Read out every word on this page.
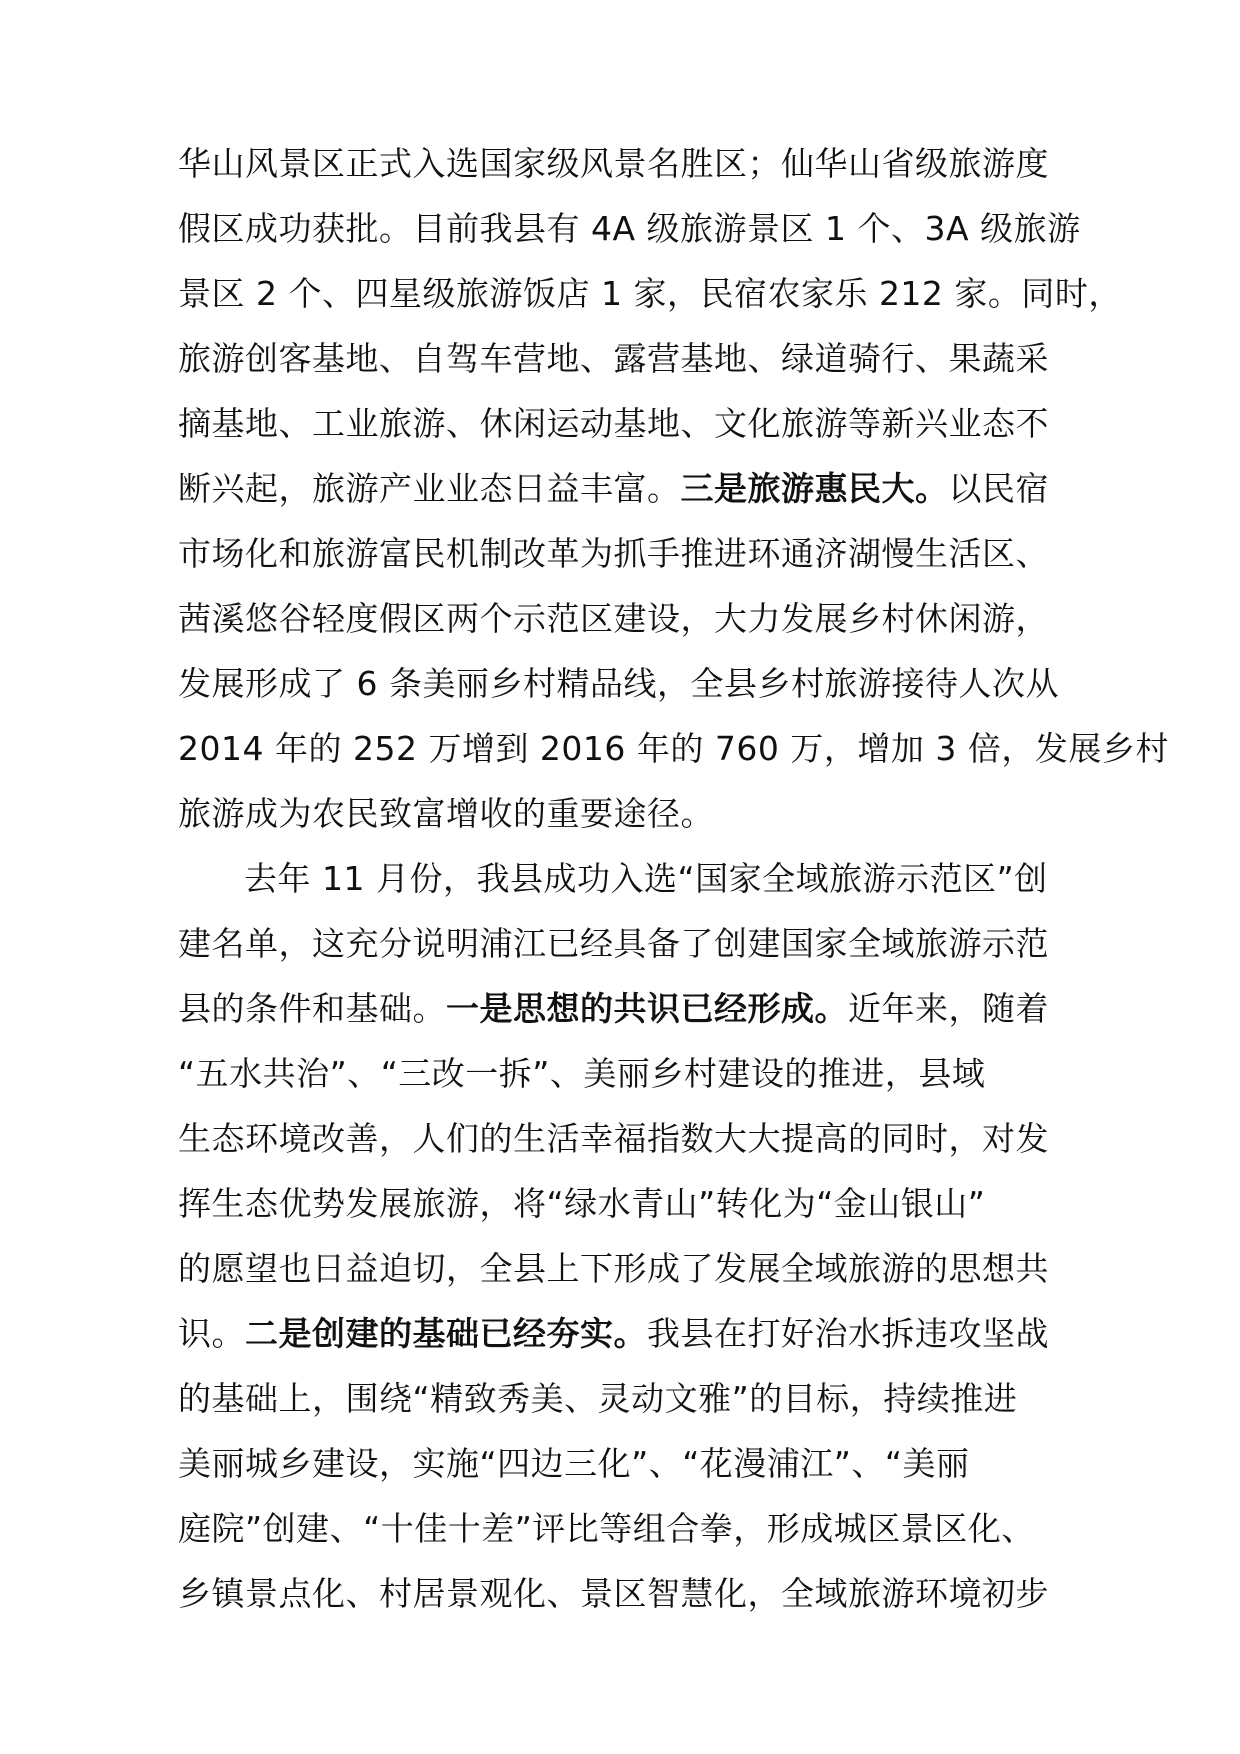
华山风景区正式入选国家级风景名胜区；仙华山省级旅游度
假区成功获批。目前我县有 4A 级旅游景区 1 个、3A 级旅游
景区 2 个、四星级旅游饭店 1 家，民宿农家乐 212 家。同时，
旅游创客基地、自驾车营地、露营基地、绿道骑行、果蔬采
摘基地、工业旅游、休闲运动基地、文化旅游等新兴业态不
断兴起，旅游产业业态日益丰富。三是旅游惠民大。以民宿
市场化和旅游富民机制改革为抓手推进环通济湖慢生活区、
茜溪悠谷轻度假区两个示范区建设，大力发展乡村休闲游，
发展形成了 6 条美丽乡村精品线，全县乡村旅游接待人次从
2014 年的 252 万增到 2016 年的 760 万，增加 3 倍，发展乡村
旅游成为农民致富增收的重要途径。
去年 11 月份，我县成功入选“国家全域旅游示范区”创
建名单，这充分说明浦江已经具备了创建国家全域旅游示范
县的条件和基础。一是思想的共识已经形成。近年来，随着
“五水共治”、“三改一拆”、美丽乡村建设的推进，县域
生态环境改善，人们的生活幸福指数大大提高的同时，对发
挥生态优势发展旅游，将“绿水青山”转化为“金山银山”
的愿望也日益迫切，全县上下形成了发展全域旅游的思想共
识。二是创建的基础已经夯实。我县在打好治水拆违攻坚战
的基础上，围绕“精致秀美、灵动文雅”的目标，持续推进
美丽城乡建设，实施“四边三化”、“花漫浦江”、“美丽
庭院”创建、“十佳十差”评比等组合拳，形成城区景区化、
乡镇景点化、村居景观化、景区智慧化，全域旅游环境初步
